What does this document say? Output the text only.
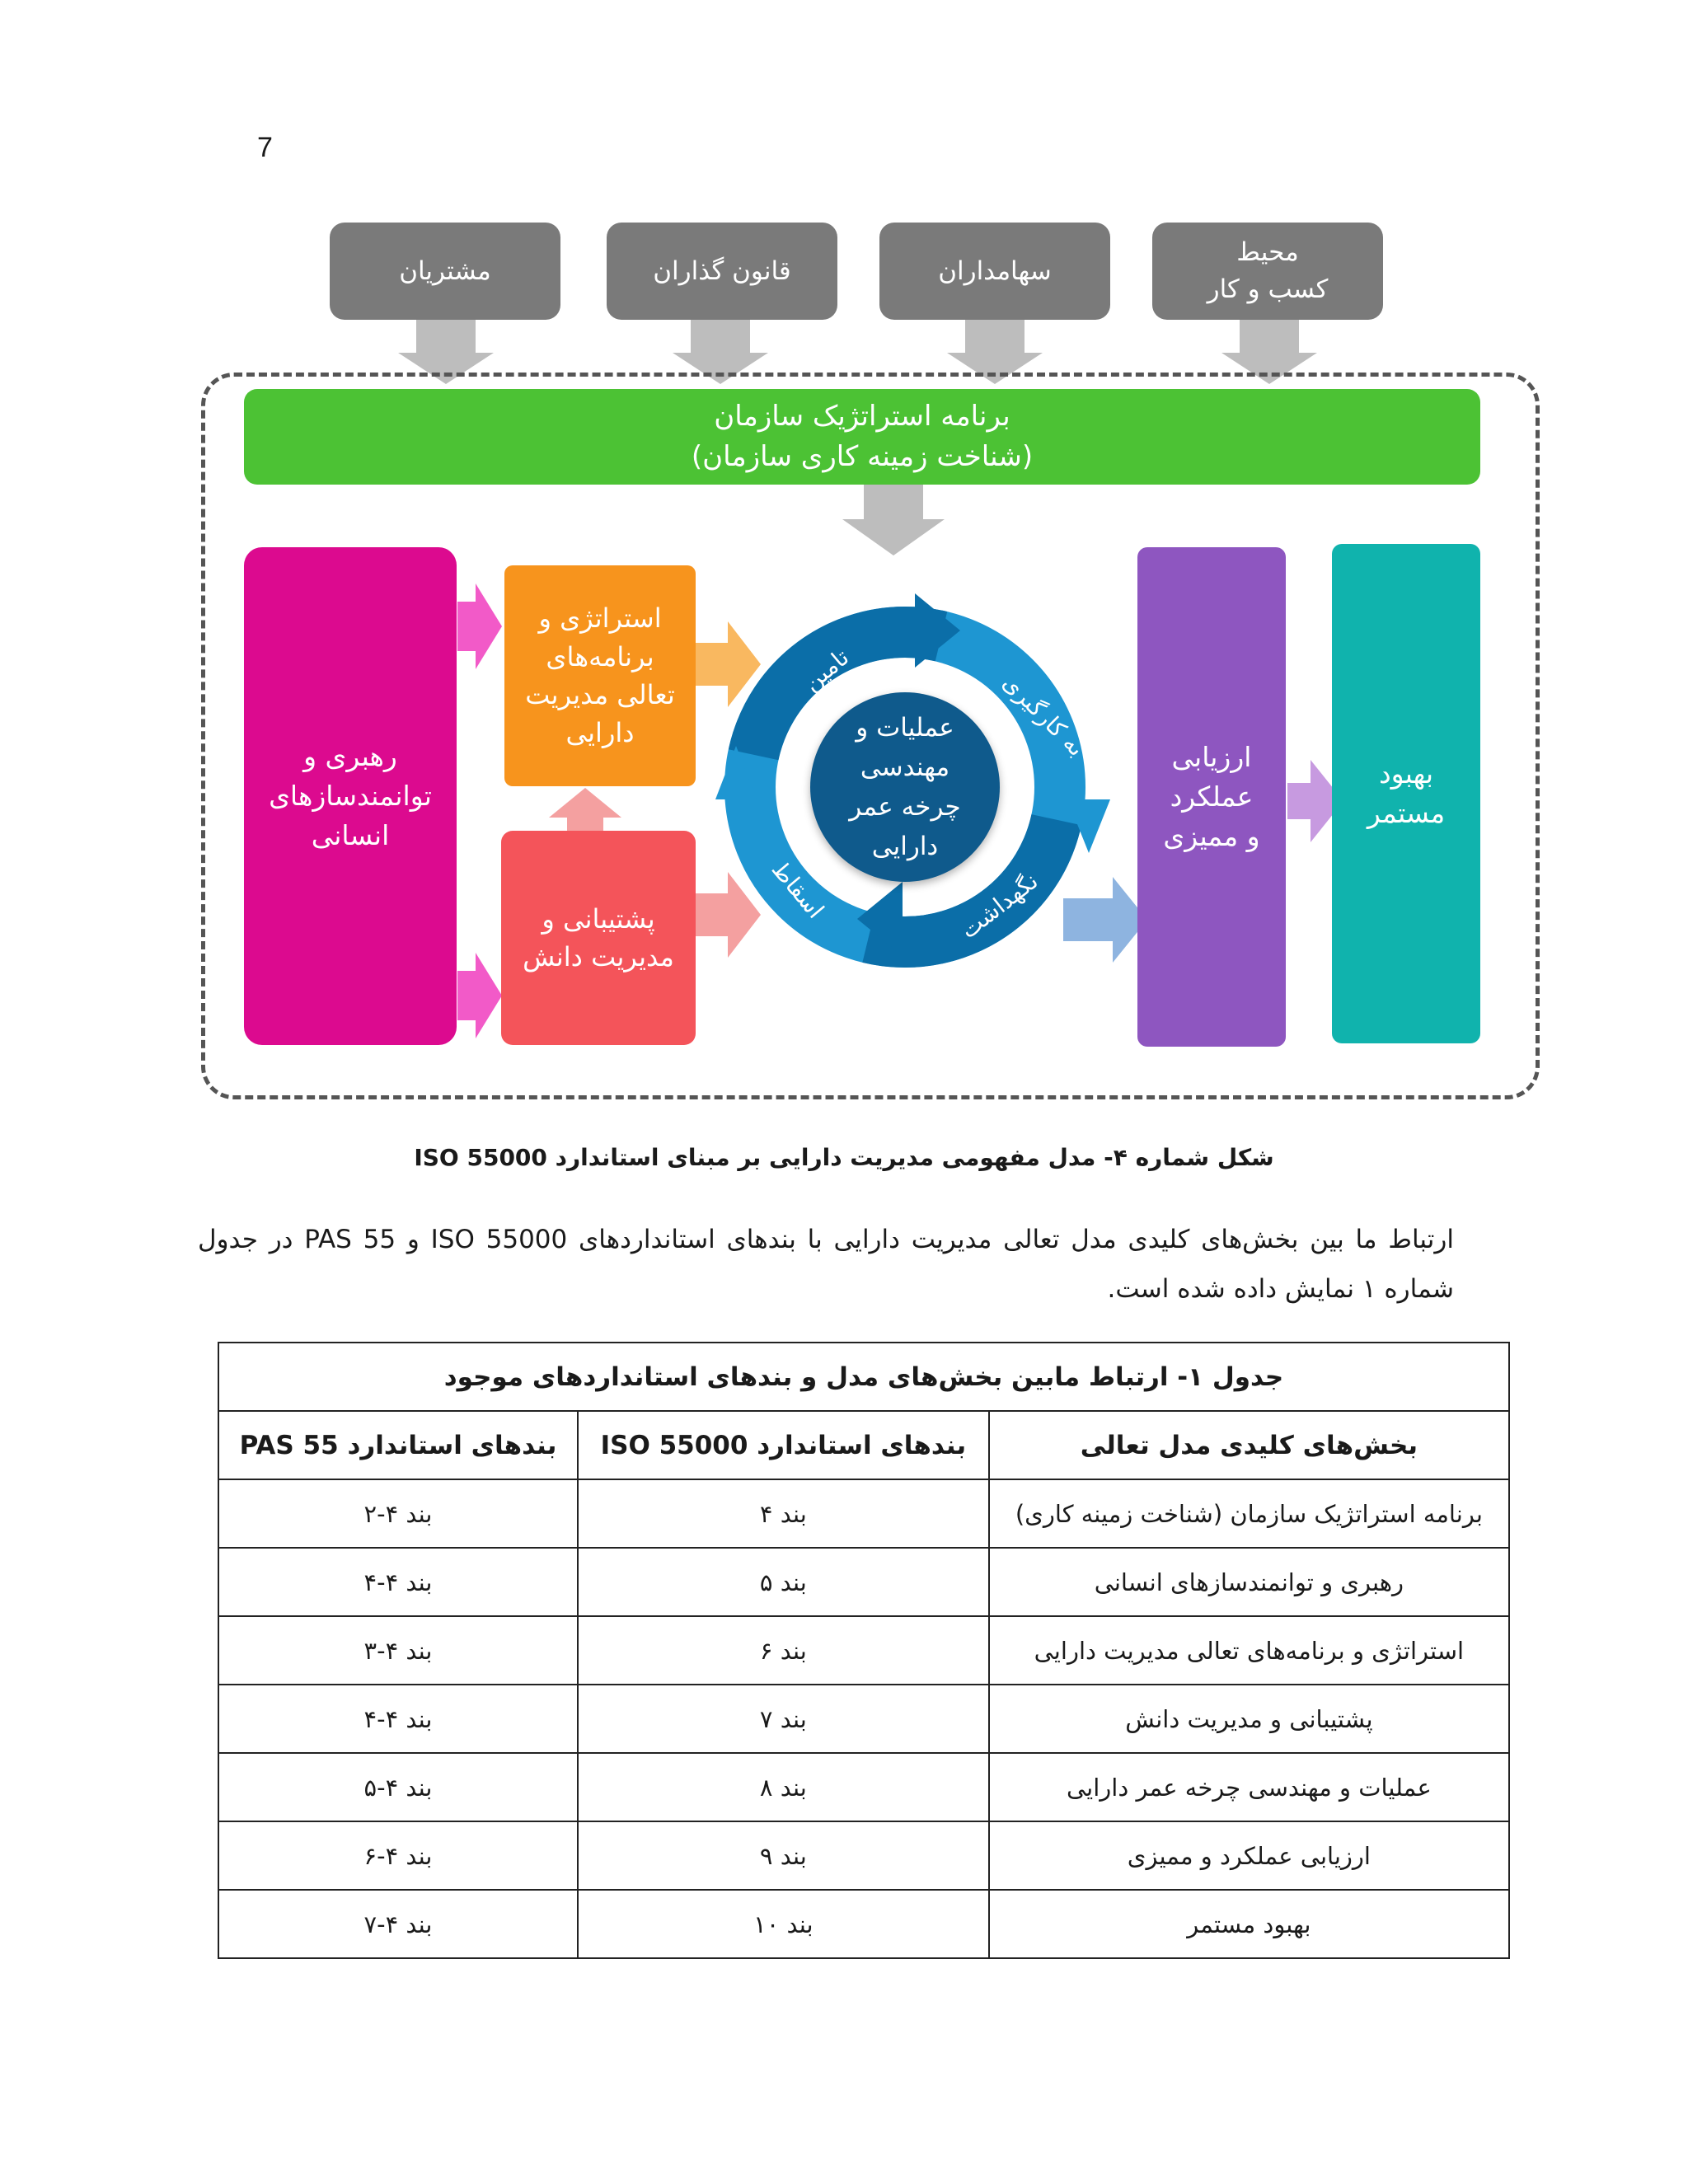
7
تامین	به کارگیری
نگهداشت
اسقاط
محیط
کسب و کار
سهامداران
قانون گذاران
مشتریان
برنامه استراتژیک سازمان
(شناخت زمینه کاری سازمان)
رهبری و
توانمندسازهای
انسانی
استراتژی و
برنامه‌های
تعالی مدیریت
دارایی
پشتیبانی و
مدیریت دانش
عملیات و
مهندسی
چرخه عمر
دارایی
ارزیابی
عملکرد
و ممیزی
بهبود
مستمر
شکل شماره ۴- مدل مفهومی مدیریت دارایی بر مبنای استاندارد ISO 55000
ارتباط ما بین بخش‌های کلیدی مدل تعالی مدیریت دارایی با بندهای استانداردهای ISO 55000 و PAS 55 در جدول شماره ۱ نمایش داده شده است.
جدول ۱- ارتباط مابین بخش‌های مدل و بندهای استانداردهای موجود		
بخش‌های کلیدی مدل تعالی	بندهای استاندارد ISO 55000	بندهای استاندارد PAS 55
برنامه استراتژیک سازمان (شناخت زمینه کاری)	بند ۴	بند ۴-۲
رهبری و توانمندسازهای انسانی	بند ۵	بند ۴-۴
استراتژی و برنامه‌های تعالی مدیریت دارایی	بند ۶	بند ۴-۳
پشتیبانی و مدیریت دانش	بند ۷	بند ۴-۴
عملیات و مهندسی چرخه عمر دارایی	بند ۸	بند ۴-۵
ارزیابی عملکرد و ممیزی	بند ۹	بند ۴-۶
بهبود مستمر	بند ۱۰	بند ۴-۷
